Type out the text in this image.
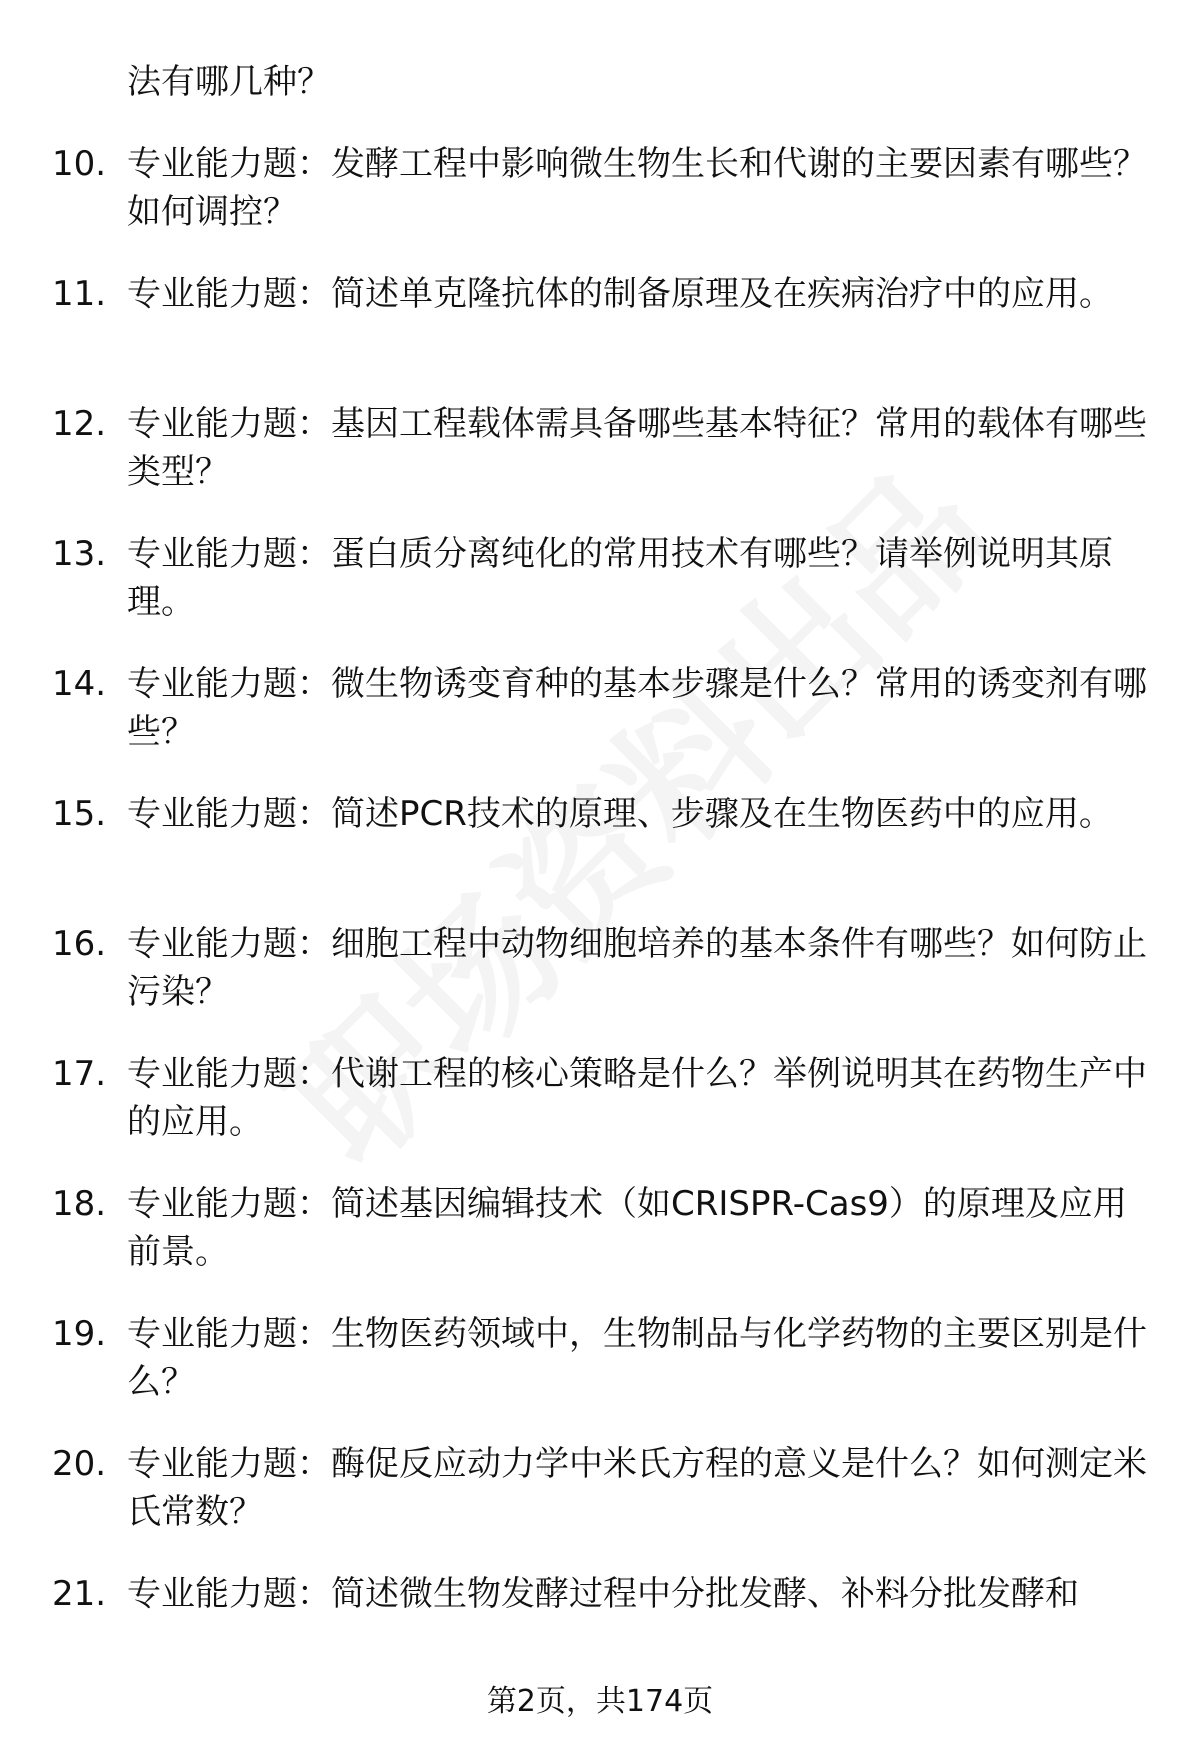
法有哪几种？
10. 专业能力题：发酵工程中影响微生物生长和代谢的主要因素有哪些？如何调控？
11. 专业能力题：简述单克隆抗体的制备原理及在疾病治疗中的应用。
12. 专业能力题：基因工程载体需具备哪些基本特征？常用的载体有哪些类型？
13. 专业能力题：蛋白质分离纯化的常用技术有哪些？请举例说明其原理。
14. 专业能力题：微生物诱变育种的基本步骤是什么？常用的诱变剂有哪些？
15. 专业能力题：简述PCR技术的原理、步骤及在生物医药中的应用。
16. 专业能力题：细胞工程中动物细胞培养的基本条件有哪些？如何防止污染？
17. 专业能力题：代谢工程的核心策略是什么？举例说明其在药物生产中的应用。
18. 专业能力题：简述基因编辑技术（如CRISPR-Cas9）的原理及应用前景。
19. 专业能力题：生物医药领域中，生物制品与化学药物的主要区别是什么？
20. 专业能力题：酶促反应动力学中米氏方程的意义是什么？如何测定米氏常数？
21. 专业能力题：简述微生物发酵过程中分批发酵、补料分批发酵和
第2页，共174页
